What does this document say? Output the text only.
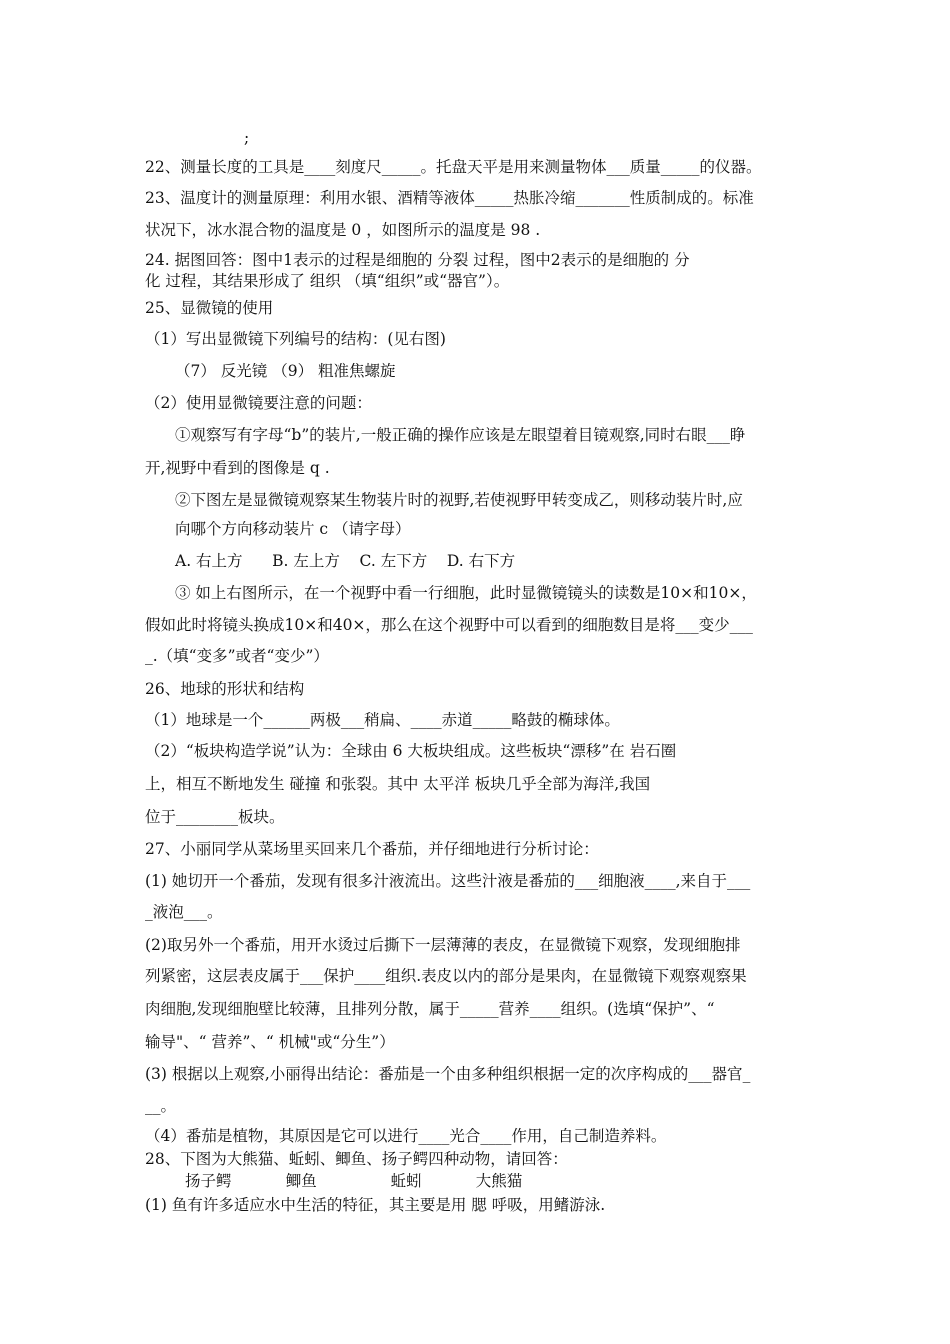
;
22、测量长度的工具是____刻度尺_____。托盘天平是用来测量物体___质量_____的仪器。
23、温度计的测量原理：利用水银、酒精等液体_____热胀冷缩_______性质制成的。标准
状况下，冰水混合物的温度是 0 ，如图所示的温度是 98 .
24. 据图回答：图中1表示的过程是细胞的 分裂 过程，图中2表示的是细胞的 分
化 过程，其结果形成了 组织 （填“组织”或“器官”）。
25、显微镜的使用
（1）写出显微镜下列编号的结构：(见右图)
（7） 反光镜 （9） 粗准焦螺旋
（2）使用显微镜要注意的问题：
①观察写有字母“b”的装片,一般正确的操作应该是左眼望着目镜观察,同时右眼___睁
开,视野中看到的图像是 q .
②下图左是显微镜观察某生物装片时的视野,若使视野甲转变成乙，则移动装片时,应
向哪个方向移动装片 c （请字母）
A. 右上方      B. 左上方    C. 左下方    D. 右下方
③ 如上右图所示，在一个视野中看一行细胞，此时显微镜镜头的读数是10×和10×，
假如此时将镜头换成10×和40×，那么在这个视野中可以看到的细胞数目是将___变少___
_.（填“变多”或者“变少”）
26、地球的形状和结构
（1）地球是一个______两极___稍扁、____赤道_____略鼓的椭球体。
（2）“板块构造学说”认为：全球由 6 大板块组成。这些板块“漂移”在 岩石圈
上，相互不断地发生 碰撞 和张裂。其中 太平洋 板块几乎全部为海洋,我国
位于________板块。
27、小丽同学从菜场里买回来几个番茄，并仔细地进行分析讨论：
(1) 她切开一个番茄，发现有很多汁液流出。这些汁液是番茄的___细胞液____,来自于___
_液泡___。
(2)取另外一个番茄，用开水烫过后撕下一层薄薄的表皮，在显微镜下观察，发现细胞排
列紧密，这层表皮属于___保护____组织.表皮以内的部分是果肉，在显微镜下观察观察果
肉细胞,发现细胞壁比较薄，且排列分散，属于_____营养____组织。(选填“保护”、“
输导"、“ 营养”、“ 机械"或“分生”）
(3) 根据以上观察,小丽得出结论：番茄是一个由多种组织根据一定的次序构成的___器官_
__。
（4）番茄是植物，其原因是它可以进行____光合____作用，自己制造养料。
28、下图为大熊猫、蚯蚓、鲫鱼、扬子鳄四种动物，请回答：
扬子鳄           鲫鱼               蚯蚓           大熊猫
(1) 鱼有许多适应水中生活的特征，其主要是用 腮 呼吸，用鳍游泳.
